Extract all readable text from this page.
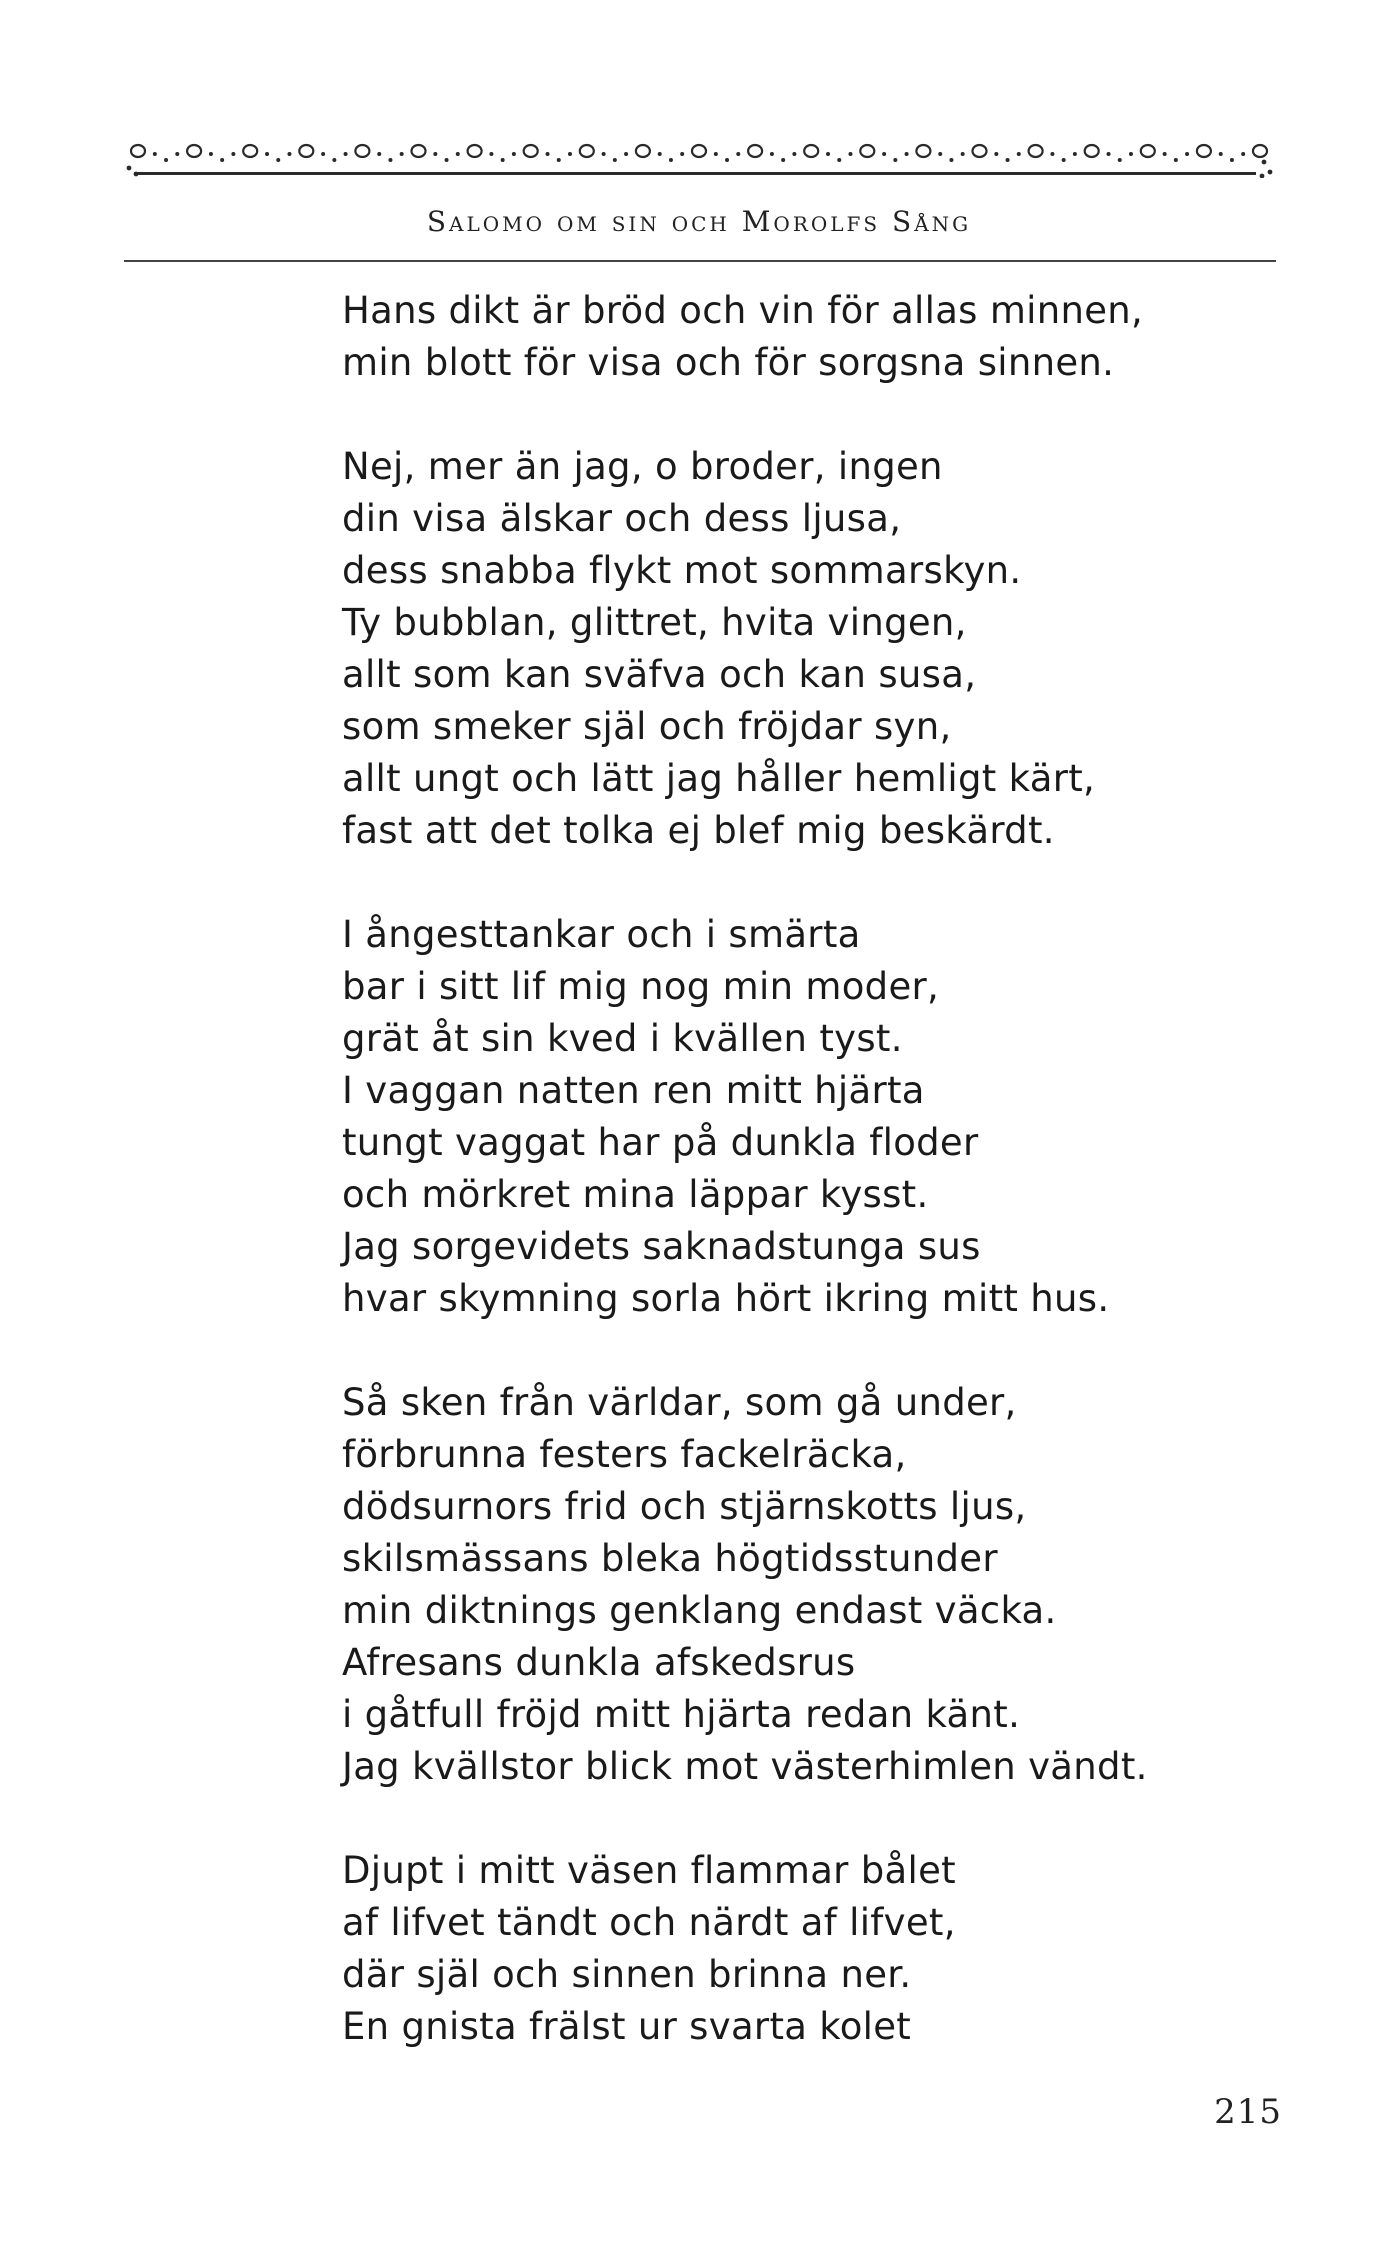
Salomo om sin och Morolfs Sång
Hans dikt är bröd och vin för allas minnen,
min blott för visa och för sorgsna sinnen.
Nej, mer än jag, o broder, ingen
din visa älskar och dess ljusa,
dess snabba flykt mot sommarskyn.
Ty bubblan, glittret, hvita vingen,
allt som kan sväfva och kan susa,
som smeker själ och fröjdar syn,
allt ungt och lätt jag håller hemligt kärt,
fast att det tolka ej blef mig beskärdt.
I ångesttankar och i smärta
bar i sitt lif mig nog min moder,
grät åt sin kved i kvällen tyst.
I vaggan natten ren mitt hjärta
tungt vaggat har på dunkla floder
och mörkret mina läppar kysst.
Jag sorgevidets saknadstunga sus
hvar skymning sorla hört ikring mitt hus.
Så sken från världar, som gå under,
förbrunna festers fackelräcka,
dödsurnors frid och stjärnskotts ljus,
skilsmässans bleka högtidsstunder
min diktnings genklang endast väcka.
Afresans dunkla afskedsrus
i gåtfull fröjd mitt hjärta redan känt.
Jag kvällstor blick mot västerhimlen vändt.
Djupt i mitt väsen flammar bålet
af lifvet tändt och närdt af lifvet,
där själ och sinnen brinna ner.
En gnista frälst ur svarta kolet
215
